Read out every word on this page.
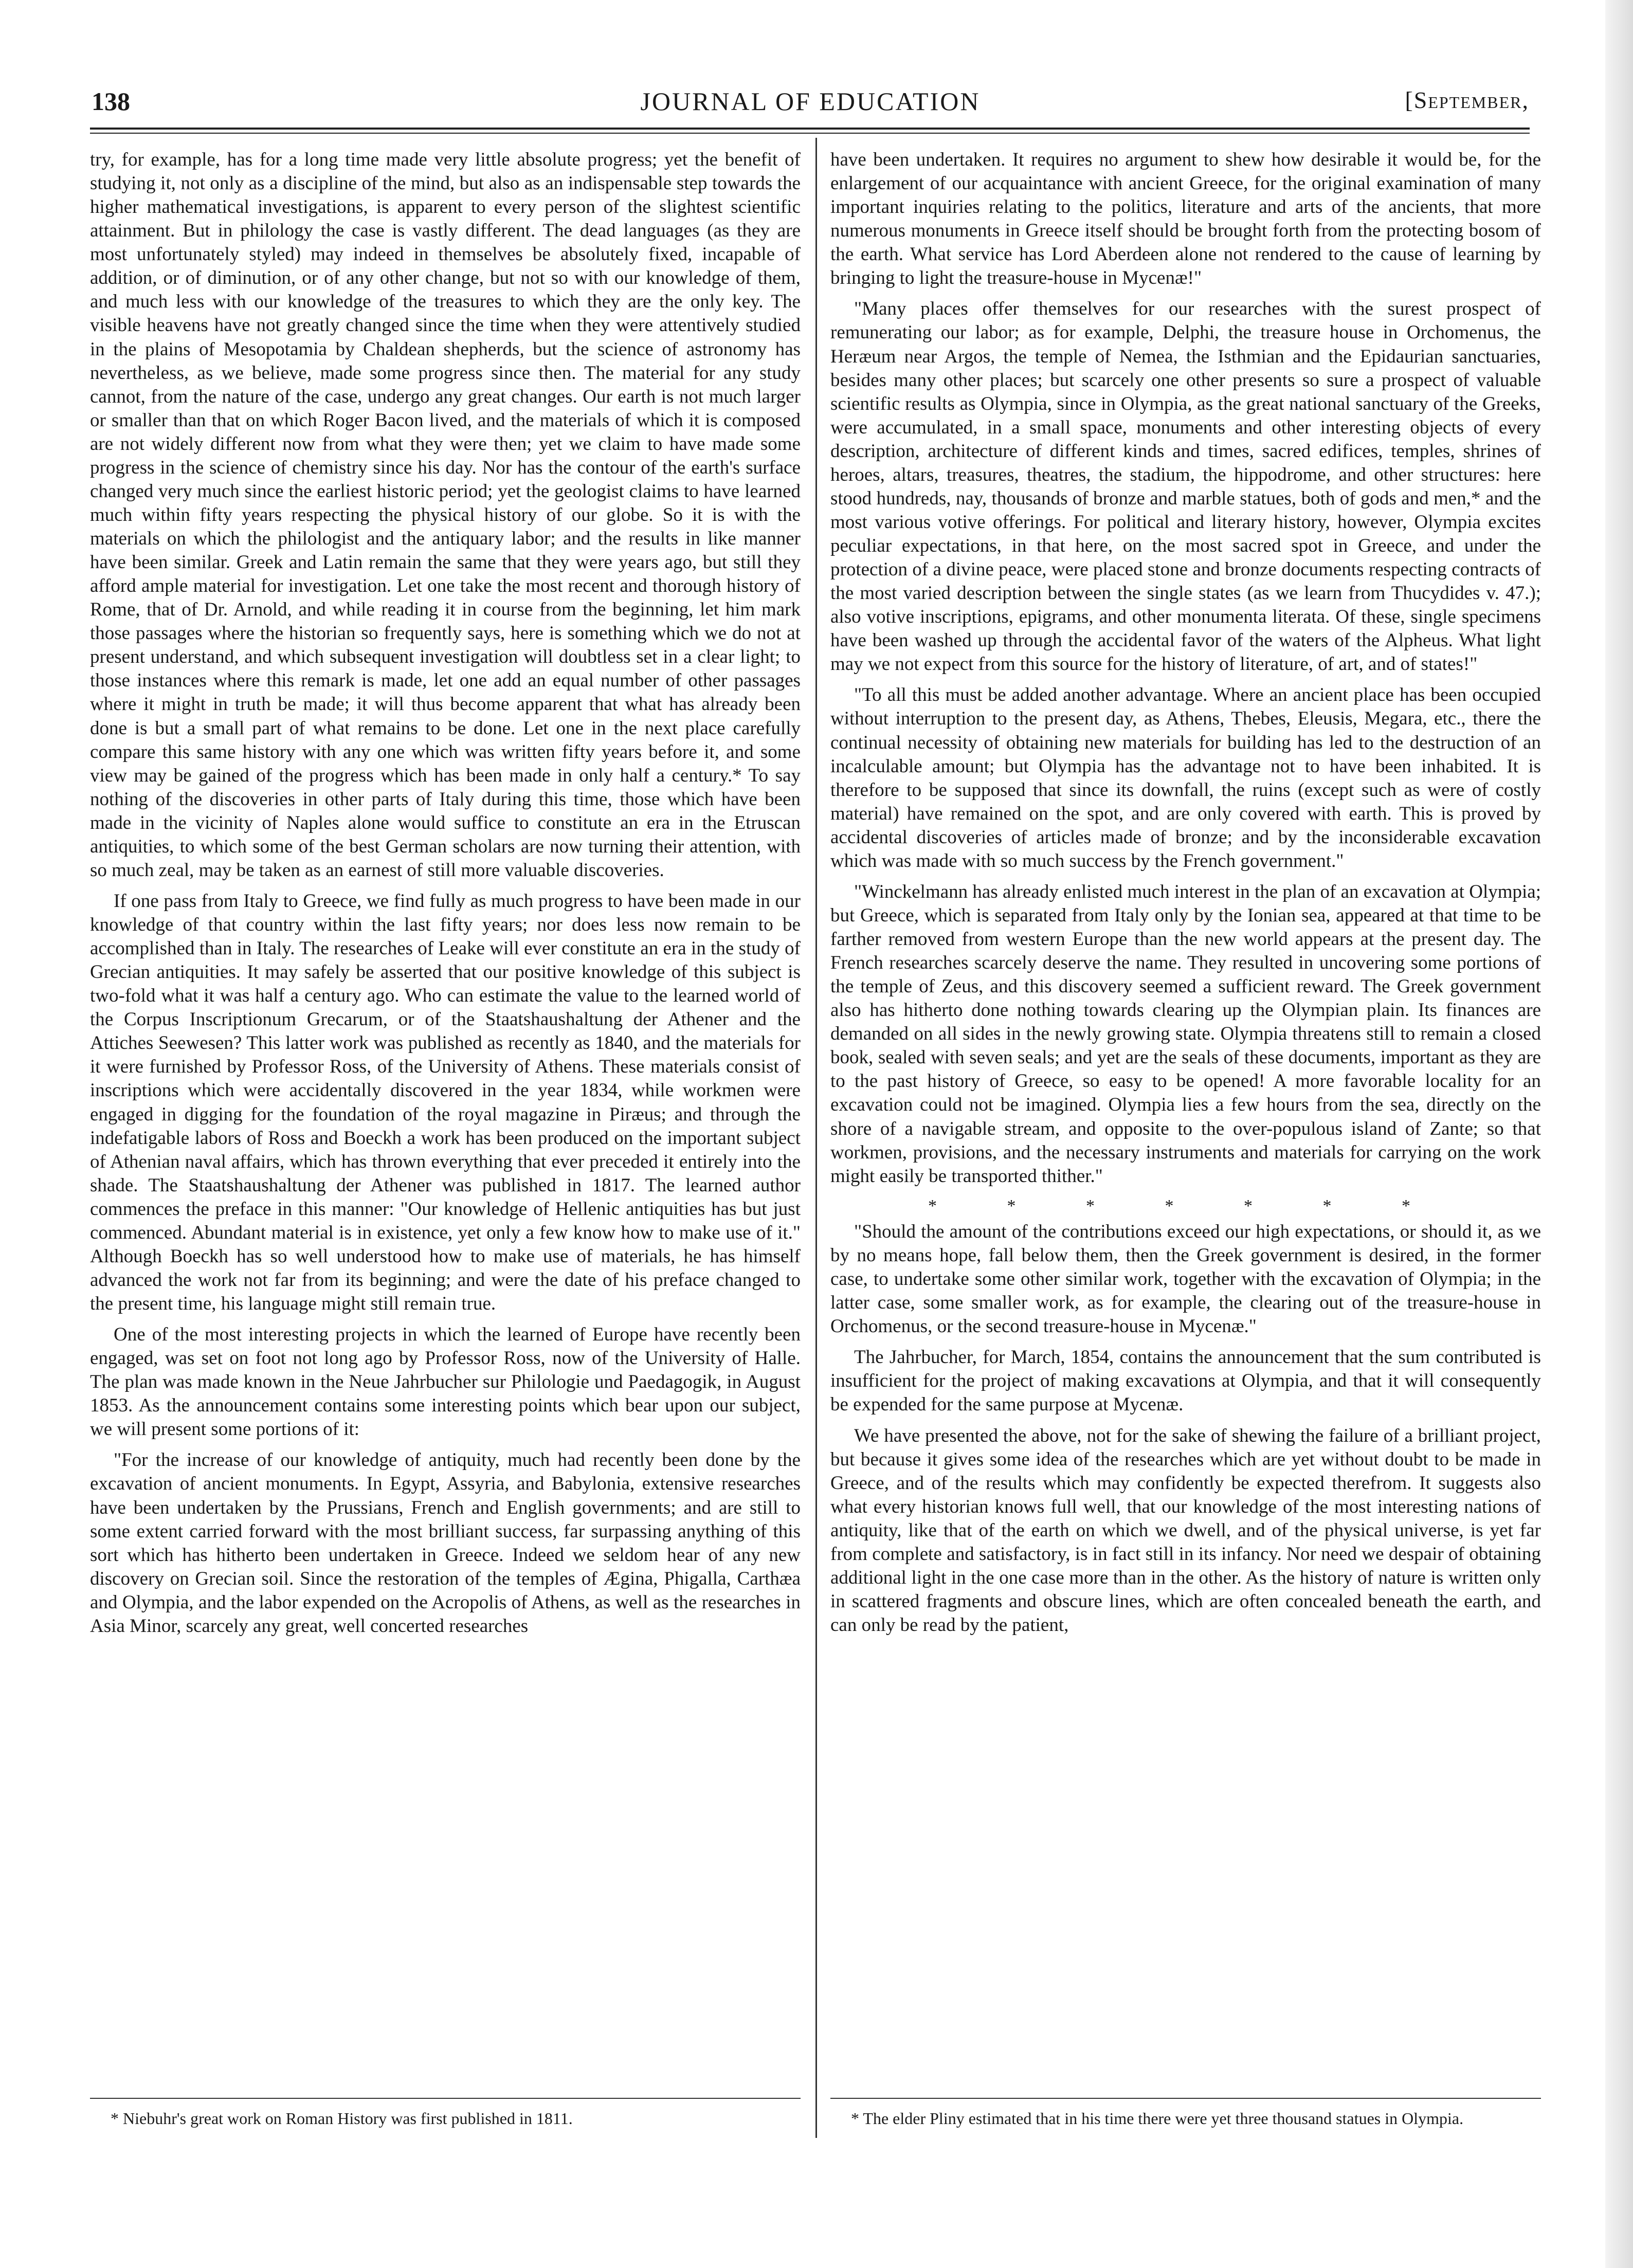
138	JOURNAL OF EDUCATION	[September,

try, for example, has for a long time made very little absolute progress; yet the benefit of studying it, not only as a discipline of the mind, but also as an indispensable step towards the higher mathematical investigations, is apparent to every person of the slightest scientific attainment. But in philology the case is vastly different. The dead languages (as they are most unfortunately styled) may indeed in themselves be absolutely fixed, incapable of addition, or of diminution, or of any other change, but not so with our knowledge of them, and much less with our knowledge of the treasures to which they are the only key. The visible heavens have not greatly changed since the time when they were attentively studied in the plains of Mesopotamia by Chaldean shepherds, but the science of astronomy has nevertheless, as we believe, made some progress since then. The material for any study cannot, from the nature of the case, undergo any great changes. Our earth is not much larger or smaller than that on which Roger Bacon lived, and the materials of which it is composed are not widely different now from what they were then; yet we claim to have made some progress in the science of chemistry since his day. Nor has the contour of the earth's surface changed very much since the earliest historic period; yet the geologist claims to have learned much within fifty years respecting the physical history of our globe. So it is with the materials on which the philologist and the antiquary labor; and the results in like manner have been similar. Greek and Latin remain the same that they were years ago, but still they afford ample material for investigation. Let one take the most recent and thorough history of Rome, that of Dr. Arnold, and while reading it in course from the beginning, let him mark those passages where the historian so frequently says, here is something which we do not at present understand, and which subsequent investigation will doubtless set in a clear light; to those instances where this remark is made, let one add an equal number of other passages where it might in truth be made; it will thus become apparent that what has already been done is but a small part of what remains to be done. Let one in the next place carefully compare this same history with any one which was written fifty years before it, and some view may be gained of the progress which has been made in only half a century.* To say nothing of the discoveries in other parts of Italy during this time, those which have been made in the vicinity of Naples alone would suffice to constitute an era in the Etruscan antiquities, to which some of the best German scholars are now turning their attention, with so much zeal, may be taken as an earnest of still more valuable discoveries.

If one pass from Italy to Greece, we find fully as much progress to have been made in our knowledge of that country within the last fifty years; nor does less now remain to be accomplished than in Italy. The researches of Leake will ever constitute an era in the study of Grecian antiquities. It may safely be asserted that our positive knowledge of this subject is two-fold what it was half a century ago. Who can estimate the value to the learned world of the Corpus Inscriptionum Grecarum, or of the Staatshaushaltung der Athener and the Attiches Seewesen? This latter work was published as recently as 1840, and the materials for it were furnished by Professor Ross, of the University of Athens. These materials consist of inscriptions which were accidentally discovered in the year 1834, while workmen were engaged in digging for the foundation of the royal magazine in Piræus; and through the indefatigable labors of Ross and Boeckh a work has been produced on the important subject of Athenian naval affairs, which has thrown everything that ever preceded it entirely into the shade. The Staatshaushaltung der Athener was published in 1817. The learned author commences the preface in this manner: "Our knowledge of Hellenic antiquities has but just commenced. Abundant material is in existence, yet only a few know how to make use of it." Although Boeckh has so well understood how to make use of materials, he has himself advanced the work not far from its beginning; and were the date of his preface changed to the present time, his language might still remain true.

One of the most interesting projects in which the learned of Europe have recently been engaged, was set on foot not long ago by Professor Ross, now of the University of Halle. The plan was made known in the Neue Jahrbucher sur Philologie und Paedagogik, in August 1853. As the announcement contains some interesting points which bear upon our subject, we will present some portions of it:

"For the increase of our knowledge of antiquity, much had recently been done by the excavation of ancient monuments. In Egypt, Assyria, and Babylonia, extensive researches have been undertaken by the Prussians, French and English governments; and are still to some extent carried forward with the most brilliant success, far surpassing anything of this sort which has hitherto been undertaken in Greece. Indeed we seldom hear of any new discovery on Grecian soil. Since the restoration of the temples of Ægina, Phigalla, Carthæa and Olympia, and the labor expended on the Acropolis of Athens, as well as the researches in Asia Minor, scarcely any great, well concerted researches

have been undertaken. It requires no argument to shew how desirable it would be, for the enlargement of our acquaintance with ancient Greece, for the original examination of many important inquiries relating to the politics, literature and arts of the ancients, that more numerous monuments in Greece itself should be brought forth from the protecting bosom of the earth. What service has Lord Aberdeen alone not rendered to the cause of learning by bringing to light the treasure-house in Mycenæ!"

"Many places offer themselves for our researches with the surest prospect of remunerating our labor; as for example, Delphi, the treasure house in Orchomenus, the Heræum near Argos, the temple of Nemea, the Isthmian and the Epidaurian sanctuaries, besides many other places; but scarcely one other presents so sure a prospect of valuable scientific results as Olympia, since in Olympia, as the great national sanctuary of the Greeks, were accumulated, in a small space, monuments and other interesting objects of every description, architecture of different kinds and times, sacred edifices, temples, shrines of heroes, altars, treasures, theatres, the stadium, the hippodrome, and other structures: here stood hundreds, nay, thousands of bronze and marble statues, both of gods and men,* and the most various votive offerings. For political and literary history, however, Olympia excites peculiar expectations, in that here, on the most sacred spot in Greece, and under the protection of a divine peace, were placed stone and bronze documents respecting contracts of the most varied description between the single states (as we learn from Thucydides v. 47.); also votive inscriptions, epigrams, and other monumenta literata. Of these, single specimens have been washed up through the accidental favor of the waters of the Alpheus. What light may we not expect from this source for the history of literature, of art, and of states!"

"To all this must be added another advantage. Where an ancient place has been occupied without interruption to the present day, as Athens, Thebes, Eleusis, Megara, etc., there the continual necessity of obtaining new materials for building has led to the destruction of an incalculable amount; but Olympia has the advantage not to have been inhabited. It is therefore to be supposed that since its downfall, the ruins (except such as were of costly material) have remained on the spot, and are only covered with earth. This is proved by accidental discoveries of articles made of bronze; and by the inconsiderable excavation which was made with so much success by the French government."

"Winckelmann has already enlisted much interest in the plan of an excavation at Olympia; but Greece, which is separated from Italy only by the Ionian sea, appeared at that time to be farther removed from western Europe than the new world appears at the present day. The French researches scarcely deserve the name. They resulted in uncovering some portions of the temple of Zeus, and this discovery seemed a sufficient reward. The Greek government also has hitherto done nothing towards clearing up the Olympian plain. Its finances are demanded on all sides in the newly growing state. Olympia threatens still to remain a closed book, sealed with seven seals; and yet are the seals of these documents, important as they are to the past history of Greece, so easy to be opened! A more favorable locality for an excavation could not be imagined. Olympia lies a few hours from the sea, directly on the shore of a navigable stream, and opposite to the over-populous island of Zante; so that workmen, provisions, and the necessary instruments and materials for carrying on the work might easily be transported thither."

* * * * * * *

"Should the amount of the contributions exceed our high expectations, or should it, as we by no means hope, fall below them, then the Greek government is desired, in the former case, to undertake some other similar work, together with the excavation of Olympia; in the latter case, some smaller work, as for example, the clearing out of the treasure-house in Orchomenus, or the second treasure-house in Mycenæ."

The Jahrbucher, for March, 1854, contains the announcement that the sum contributed is insufficient for the project of making excavations at Olympia, and that it will consequently be expended for the same purpose at Mycenæ.

We have presented the above, not for the sake of shewing the failure of a brilliant project, but because it gives some idea of the researches which are yet without doubt to be made in Greece, and of the results which may confidently be expected therefrom. It suggests also what every historian knows full well, that our knowledge of the most interesting nations of antiquity, like that of the earth on which we dwell, and of the physical universe, is yet far from complete and satisfactory, is in fact still in its infancy. Nor need we despair of obtaining additional light in the one case more than in the other. As the history of nature is written only in scattered fragments and obscure lines, which are often concealed beneath the earth, and can only be read by the patient,

* Niebuhr's great work on Roman History was first published in 1811.	* The elder Pliny estimated that in his time there were yet three thousand statues in Olympia.
